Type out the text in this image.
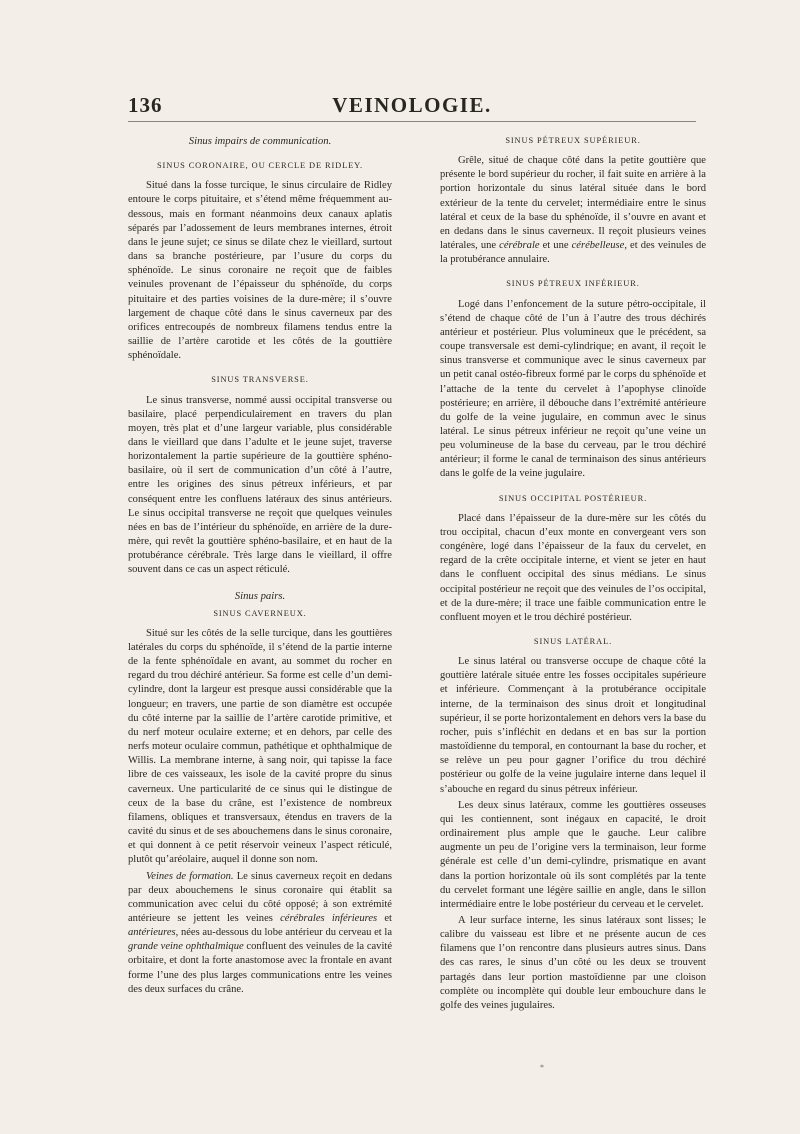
136	VEINOLOGIE.
Sinus impairs de communication.
SINUS CORONAIRE, OU CERCLE DE RIDLEY.

Situé dans la fosse turcique, le sinus circulaire de Ridley entoure le corps pituitaire, et s’étend même fréquemment au-dessous, mais en formant néanmoins deux canaux aplatis séparés par l’adossement de leurs membranes internes, étroit dans le jeune sujet; ce sinus se dilate chez le vieillard, surtout dans sa branche postérieure, par l’usure du corps du sphénoïde. Le sinus coronaire ne reçoit que de faibles veinules provenant de l’épaisseur du sphénoïde, du corps pituitaire et des parties voisines de la dure-mère; il s’ouvre largement de chaque côté dans le sinus caverneux par des orifices entrecoupés de nombreux filamens tendus entre la saillie de l’artère carotide et les côtés de la gouttière sphénoïdale.

SINUS TRANSVERSE.

Le sinus transverse, nommé aussi occipital transverse ou basilaire, placé perpendiculairement en travers du plan moyen, très plat et d’une largeur variable, plus considérable dans le vieillard que dans l’adulte et le jeune sujet, traverse horizontalement la partie supérieure de la gouttière sphéno-basilaire, où il sert de communication d’un côté à l’autre, entre les origines des sinus pétreux inférieurs, et par conséquent entre les confluens latéraux des sinus antérieurs. Le sinus occipital transverse ne reçoit que quelques veinules nées en bas de l’intérieur du sphénoïde, en arrière de la dure-mère, qui revêt la gouttière sphéno-basilaire, et en haut de la protubérance cérébrale. Très large dans le vieillard, il offre souvent dans ce cas un aspect réticulé.

Sinus pairs.
SINUS CAVERNEUX.

Situé sur les côtés de la selle turcique, dans les gouttières latérales du corps du sphénoïde, il s’étend de la partie interne de la fente sphénoïdale en avant, au sommet du rocher en regard du trou déchiré antérieur. Sa forme est celle d’un demi-cylindre, dont la largeur est presque aussi considérable que la longueur; en travers, une partie de son diamètre est occupée du côté interne par la saillie de l’artère carotide primitive, et du nerf moteur oculaire externe; et en dehors, par celle des nerfs moteur oculaire commun, pathétique et ophthalmique de Willis. La membrane interne, à sang noir, qui tapisse la face libre de ces vaisseaux, les isole de la cavité propre du sinus caverneux. Une particularité de ce sinus qui le distingue de ceux de la base du crâne, est l’existence de nombreux filamens, obliques et transversaux, étendus en travers de la cavité du sinus et de ses abouchemens dans le sinus coronaire, et qui donnent à ce petit réservoir veineux l’aspect réticulé, plutôt qu’aréolaire, auquel il donne son nom.

Veines de formation. Le sinus caverneux reçoit en dedans par deux abouchemens le sinus coronaire qui établit sa communication avec celui du côté opposé; à son extrémité antérieure se jettent les veines cérébrales inférieures et antérieures, nées au-dessous du lobe antérieur du cerveau et la grande veine ophthalmique confluent des veinules de la cavité orbitaire, et dont la forte anastomose avec la frontale en avant forme l’une des plus larges communications entre les veines des deux surfaces du crâne.

SINUS PÉTREUX SUPÉRIEUR.

Grêle, situé de chaque côté dans la petite gouttière que présente le bord supérieur du rocher, il fait suite en arrière à la portion horizontale du sinus latéral située dans le bord extérieur de la tente du cervelet; intermédiaire entre le sinus latéral et ceux de la base du sphénoïde, il s’ouvre en avant et en dedans dans le sinus caverneux. Il reçoit plusieurs veines latérales, une cérébrale et une cérébelleuse, et des veinules de la protubérance annulaire.

SINUS PÉTREUX INFÉRIEUR.

Logé dans l’enfoncement de la suture pétro-occipitale, il s’étend de chaque côté de l’un à l’autre des trous déchirés antérieur et postérieur. Plus volumineux que le précédent, sa coupe transversale est demi-cylindrique; en avant, il reçoit le sinus transverse et communique avec le sinus caverneux par un petit canal ostéo-fibreux formé par le corps du sphénoïde et l’attache de la tente du cervelet à l’apophyse clinoïde postérieure; en arrière, il débouche dans l’extrémité antérieure du golfe de la veine jugulaire, en commun avec le sinus latéral. Le sinus pétreux inférieur ne reçoit qu’une veine un peu volumineuse de la base du cerveau, par le trou déchiré antérieur; il forme le canal de terminaison des sinus antérieurs dans le golfe de la veine jugulaire.

SINUS OCCIPITAL POSTÉRIEUR.

Placé dans l’épaisseur de la dure-mère sur les côtés du trou occipital, chacun d’eux monte en convergeant vers son congénère, logé dans l’épaisseur de la faux du cervelet, en regard de la crête occipitale interne, et vient se jeter en haut dans le confluent occipital des sinus médians. Le sinus occipital postérieur ne reçoit que des veinules de l’os occipital, et de la dure-mère; il trace une faible communication entre le confluent moyen et le trou déchiré postérieur.

SINUS LATÉRAL.

Le sinus latéral ou transverse occupe de chaque côté la gouttière latérale située entre les fosses occipitales supérieure et inférieure. Commençant à la protubérance occipitale interne, de la terminaison des sinus droit et longitudinal supérieur, il se porte horizontalement en dehors vers la base du rocher, puis s’infléchit en dedans et en bas sur la portion mastoïdienne du temporal, en contournant la base du rocher, et se relève un peu pour gagner l’orifice du trou déchiré postérieur ou golfe de la veine jugulaire interne dans lequel il s’abouche en regard du sinus pétreux inférieur.

Les deux sinus latéraux, comme les gouttières osseuses qui les contiennent, sont inégaux en capacité, le droit ordinairement plus ample que le gauche. Leur calibre augmente un peu de l’origine vers la terminaison, leur forme générale est celle d’un demi-cylindre, prismatique en avant dans la portion horizontale où ils sont complétés par la tente du cervelet formant une légère saillie en angle, dans le sillon intermédiaire entre le lobe postérieur du cerveau et le cervelet.

A leur surface interne, les sinus latéraux sont lisses; le calibre du vaisseau est libre et ne présente aucun de ces filamens que l’on rencontre dans plusieurs autres sinus. Dans des cas rares, le sinus d’un côté ou les deux se trouvent partagés dans leur portion mastoïdienne par une cloison complète ou incomplète qui double leur embouchure dans le golfe des veines jugulaires.

*
